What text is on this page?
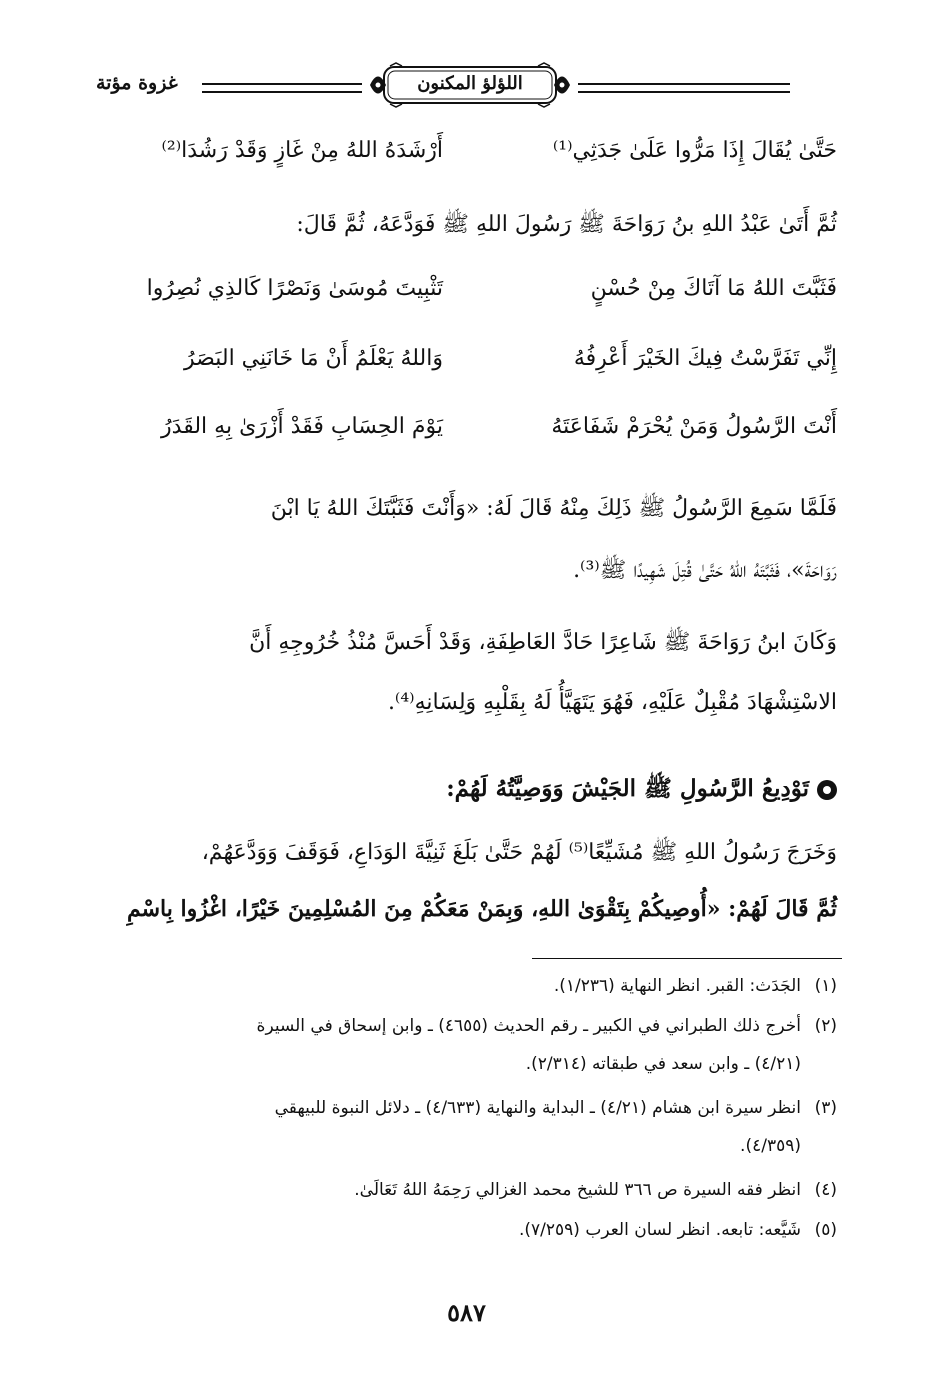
غزوة مؤتة	اللؤلؤ المكنون
حَتَّىٰ يُقَالَ إِذَا مَرُّوا عَلَىٰ جَدَثِي⁽¹⁾
أَرْشَدَهُ اللهُ مِنْ غَازٍ وَقَدْ رَشُدَا⁽²⁾
ثُمَّ أَتَىٰ عَبْدُ اللهِ بنُ رَوَاحَةَ ﷺ رَسُولَ اللهِ ﷺ فَوَدَّعَهُ، ثُمَّ قَالَ:
فَثَبَّتَ اللهُ مَا آتَاكَ مِنْ حُسْنٍ
تَثْبِيتَ مُوسَىٰ وَنَصْرًا كَالذِي نُصِرُوا
إِنِّي تَفَرَّسْتُ فِيكَ الخَيْرَ أَعْرِفُهُ
وَاللهُ يَعْلَمُ أَنْ مَا خَانَنِي البَصَرُ
أَنْتَ الرَّسُولُ وَمَنْ يُحْرَمْ شَفَاعَتَهُ
يَوْمَ الحِسَابِ فَقَدْ أَزْرَىٰ بِهِ القَدَرُ
فَلَمَّا سَمِعَ الرَّسُولُ ﷺ ذَلِكَ مِنْهُ قَالَ لَهُ: «وَأَنْتَ فَثَبَّتَكَ اللهُ يَا ابْنَ
رَوَاحَةَ»، فَثَبَّتَهُ اللهُ حَتَّىٰ قُتِلَ شَهِيدًا ﷺ⁽³⁾.
وَكَانَ ابنُ رَوَاحَةَ ﷺ شَاعِرًا حَادَّ العَاطِفَةِ، وَقَدْ أَحَسَّ مُنْذُ خُرُوجِهِ أَنَّ
الاسْتِشْهَادَ مُقْبِلٌ عَلَيْهِ، فَهُوَ يَتَهَيَّأُ لَهُ بِقَلْبِهِ وَلِسَانِهِ⁽⁴⁾.
تَوْدِيعُ الرَّسُولِ ﷺ الجَيْشَ وَوَصِيَّتُهُ لَهُمْ:
وَخَرَجَ رَسُولُ اللهِ ﷺ مُشَيِّعًا⁽⁵⁾ لَهُمْ حَتَّىٰ بَلَغَ ثَنِيَّةَ الوَدَاعِ، فَوَقَفَ وَوَدَّعَهُمْ،
ثُمَّ قَالَ لَهُمْ: «أُوصِيكُمْ بِتَقْوَىٰ اللهِ، وَبِمَنْ مَعَكُمْ مِنَ المُسْلِمِينَ خَيْرًا، اغْزُوا بِاسْمِ
(١)الجَدَث: القبر. انظر النهاية (١/٢٣٦).
(٢)أخرج ذلك الطبراني في الكبير ـ رقم الحديث (٤٦٥٥) ـ وابن إسحاق في السيرة
(٤/٢١) ـ وابن سعد في طبقاته (٢/٣١٤).
(٣)انظر سيرة ابن هشام (٤/٢١) ـ البداية والنهاية (٤/٦٣٣) ـ دلائل النبوة للبيهقي
(٤/٣٥٩).
(٤)انظر فقه السيرة ص ٣٦٦ للشيخ محمد الغزالي رَحِمَهُ اللهُ تَعَالَىٰ.
(٥)شَيَّعه: تابعه. انظر لسان العرب (٧/٢٥٩).
٥٨٧
